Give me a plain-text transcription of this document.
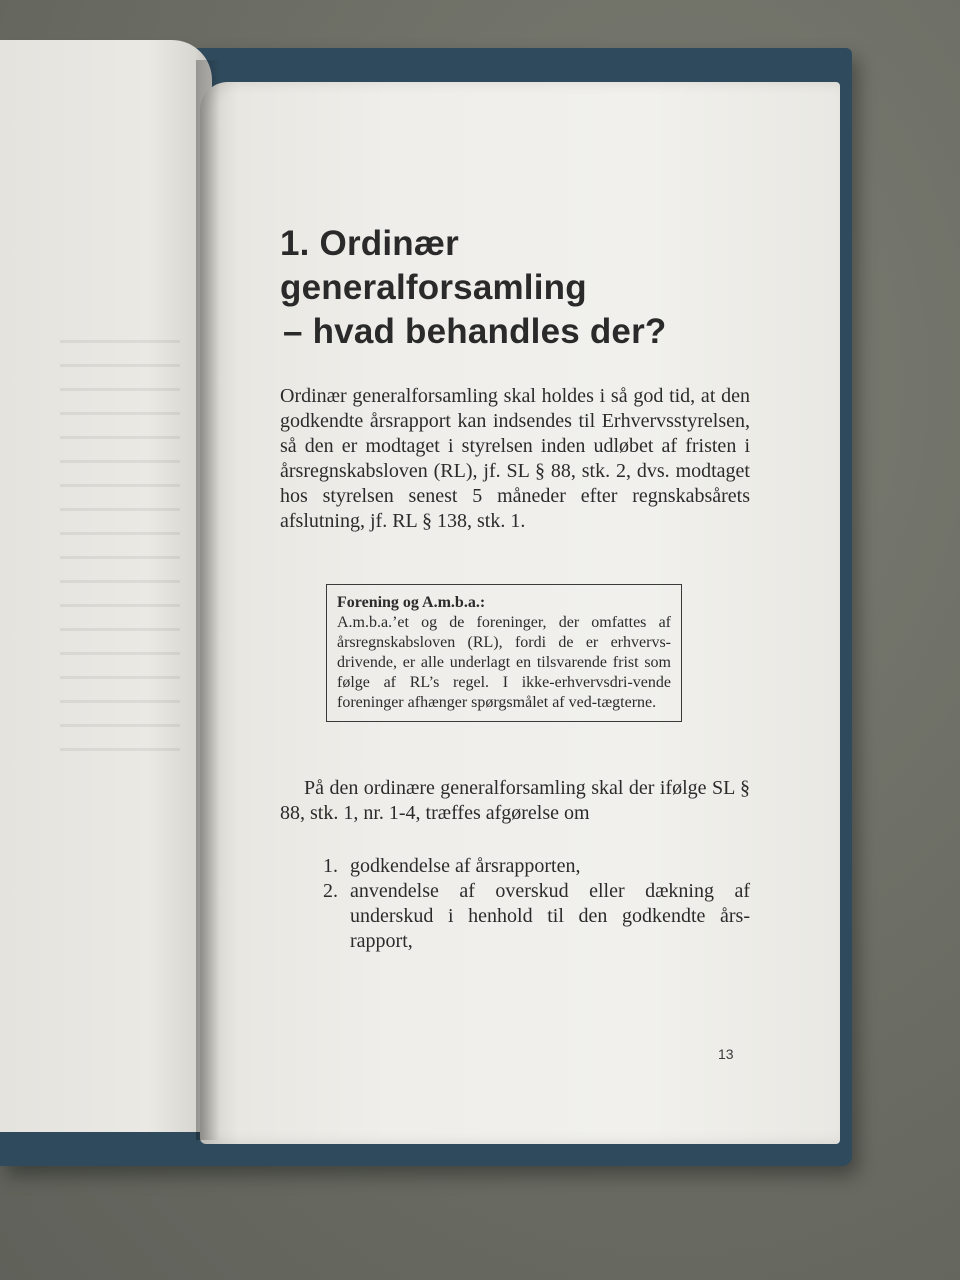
1. Ordinær
generalforsamling
– hvad behandles der?

Ordinær generalforsamling skal holdes i så god tid, at den godkendte årsrapport kan indsendes til Erhvervsstyrelsen, så den er modtaget i styrelsen inden udløbet af fristen i årsregnskabsloven (RL), jf. SL § 88, stk. 2, dvs. modtaget hos styrelsen senest 5 måneder efter regnskabsårets afslutning, jf. RL § 138, stk. 1.

Forening og A.m.b.a.:
A.m.b.a.’et og de foreninger, der omfattes af årsregnskabsloven (RL), fordi de er erhvervs-drivende, er alle underlagt en tilsvarende frist som følge af RL’s regel. I ikke-erhvervsdri-vende foreninger afhænger spørgsmålet af ved-tægterne.

På den ordinære generalforsamling skal der ifølge SL § 88, stk. 1, nr. 1-4, træffes afgørelse om

1. godkendelse af årsrapporten,
2. anvendelse af overskud eller dækning af underskud i henhold til den godkendte års-rapport,
13
